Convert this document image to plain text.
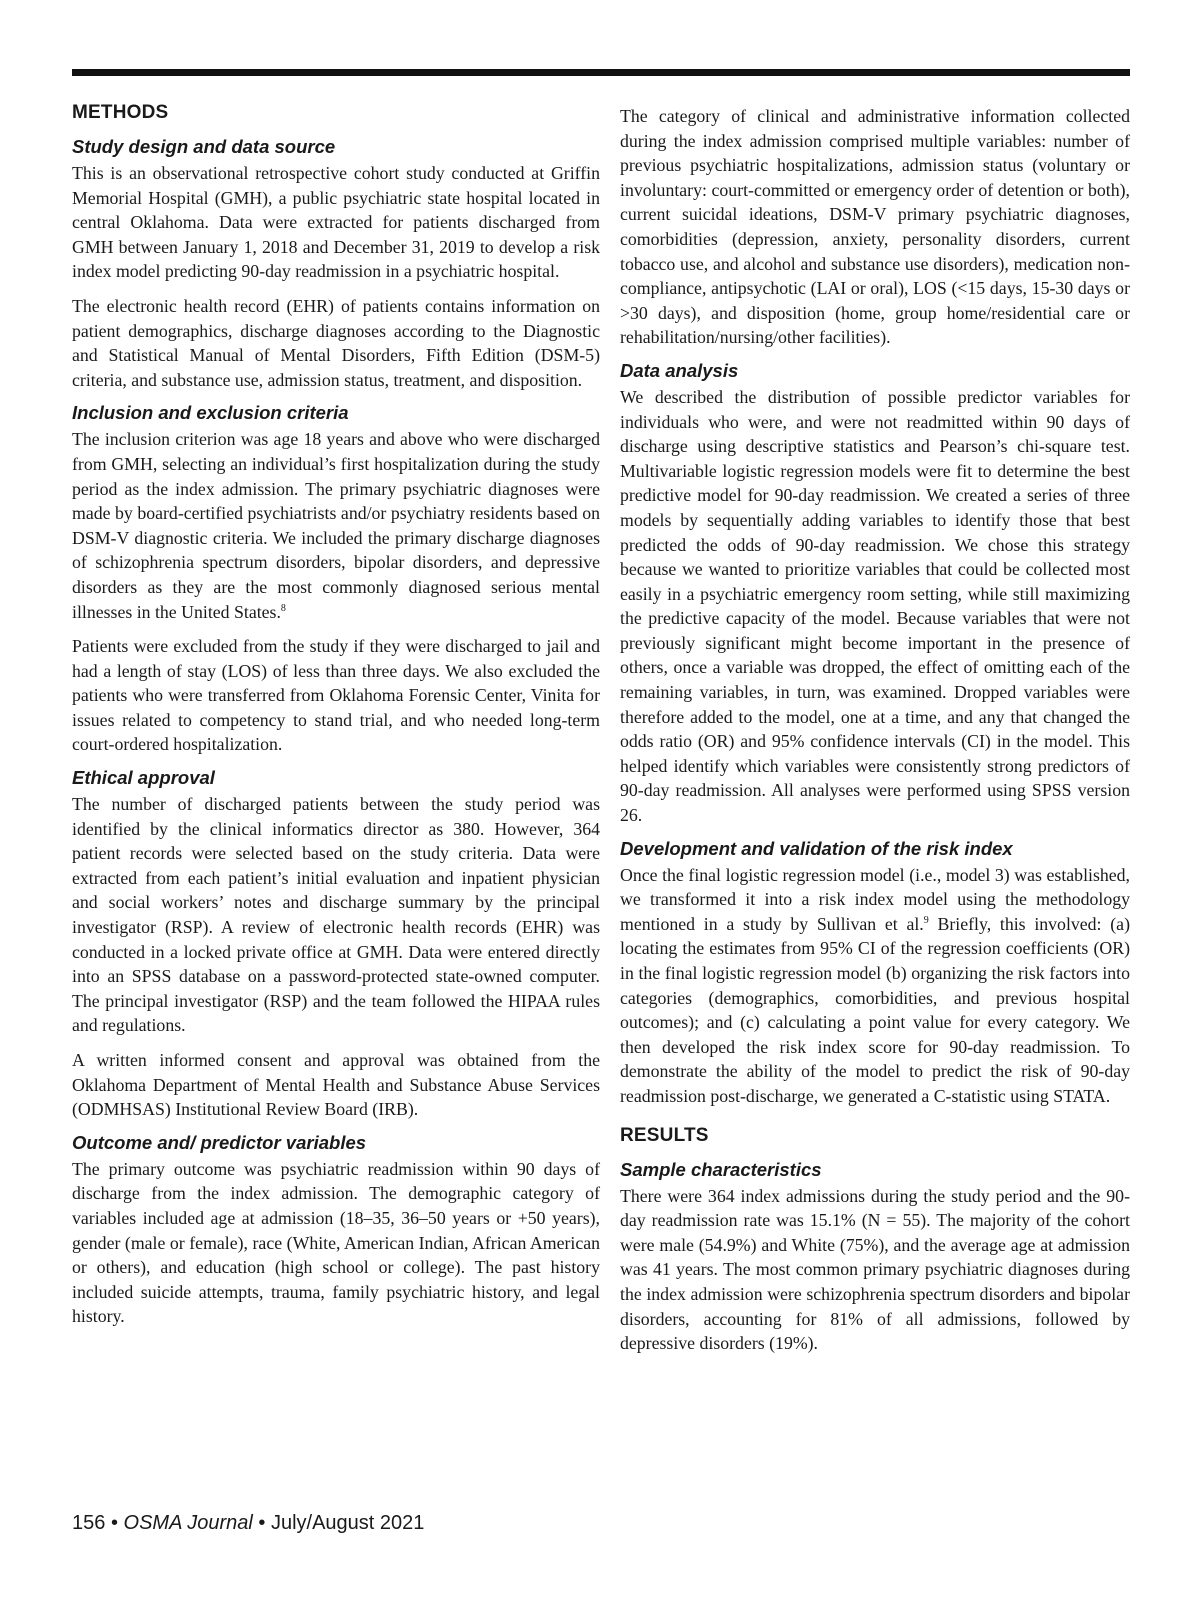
METHODS
Study design and data source

This is an observational retrospective cohort study conducted at Griffin Memorial Hospital (GMH), a public psychiatric state hospital located in central Oklahoma. Data were extracted for patients discharged from GMH between January 1, 2018 and December 31, 2019 to develop a risk index model predicting 90-day readmission in a psychiatric hospital.

The electronic health record (EHR) of patients contains information on patient demographics, discharge diagnoses according to the Diagnostic and Statistical Manual of Mental Disorders, Fifth Edition (DSM-5) criteria, and substance use, admission status, treatment, and disposition.

Inclusion and exclusion criteria

The inclusion criterion was age 18 years and above who were discharged from GMH, selecting an individual’s first hospitalization during the study period as the index admission. The primary psychiatric diagnoses were made by board-certified psychiatrists and/or psychiatry residents based on DSM-V diagnostic criteria. We included the primary discharge diagnoses of schizophrenia spectrum disorders, bipolar disorders, and depressive disorders as they are the most commonly diagnosed serious mental illnesses in the United States.$^8$

Patients were excluded from the study if they were discharged to jail and had a length of stay (LOS) of less than three days. We also excluded the patients who were transferred from Oklahoma Forensic Center, Vinita for issues related to competency to stand trial, and who needed long-term court-ordered hospitalization.

Ethical approval

The number of discharged patients between the study period was identified by the clinical informatics director as 380. However, 364 patient records were selected based on the study criteria. Data were extracted from each patient’s initial evaluation and inpatient physician and social workers’ notes and discharge summary by the principal investigator (RSP). A review of electronic health records (EHR) was conducted in a locked private office at GMH. Data were entered directly into an SPSS database on a password-protected state-owned computer. The principal investigator (RSP) and the team followed the HIPAA rules and regulations.

A written informed consent and approval was obtained from the Oklahoma Department of Mental Health and Substance Abuse Services (ODMHSAS) Institutional Review Board (IRB).

Outcome and/ predictor variables

The primary outcome was psychiatric readmission within 90 days of discharge from the index admission. The demographic category of variables included age at admission (18–35, 36–50 years or +50 years), gender (male or female), race (White, American Indian, African American or others), and education (high school or college). The past history included suicide attempts, trauma, family psychiatric history, and legal history.

The category of clinical and administrative information collected during the index admission comprised multiple variables: number of previous psychiatric hospitalizations, admission status (voluntary or involuntary: court-committed or emergency order of detention or both), current suicidal ideations, DSM-V primary psychiatric diagnoses, comorbidities (depression, anxiety, personality disorders, current tobacco use, and alcohol and substance use disorders), medication non-compliance, antipsychotic (LAI or oral), LOS (<15 days, 15-30 days or >30 days), and disposition (home, group home/residential care or rehabilitation/nursing/other facilities).

Data analysis

We described the distribution of possible predictor variables for individuals who were, and were not readmitted within 90 days of discharge using descriptive statistics and Pearson’s chi-square test. Multivariable logistic regression models were fit to determine the best predictive model for 90-day readmission. We created a series of three models by sequentially adding variables to identify those that best predicted the odds of 90-day readmission. We chose this strategy because we wanted to prioritize variables that could be collected most easily in a psychiatric emergency room setting, while still maximizing the predictive capacity of the model. Because variables that were not previously significant might become important in the presence of others, once a variable was dropped, the effect of omitting each of the remaining variables, in turn, was examined. Dropped variables were therefore added to the model, one at a time, and any that changed the odds ratio (OR) and 95% confidence intervals (CI) in the model. This helped identify which variables were consistently strong predictors of 90-day readmission. All analyses were performed using SPSS version 26.

Development and validation of the risk index

Once the final logistic regression model (i.e., model 3) was established, we transformed it into a risk index model using the methodology mentioned in a study by Sullivan et al.$^9$ Briefly, this involved: (a) locating the estimates from 95% CI of the regression coefficients (OR) in the final logistic regression model (b) organizing the risk factors into categories (demographics, comorbidities, and previous hospital outcomes); and (c) calculating a point value for every category. We then developed the risk index score for 90-day readmission. To demonstrate the ability of the model to predict the risk of 90-day readmission post-discharge, we generated a C-statistic using STATA.

RESULTS
Sample characteristics

There were 364 index admissions during the study period and the 90-day readmission rate was 15.1% (N = 55). The majority of the cohort were male (54.9%) and White (75%), and the average age at admission was 41 years. The most common primary psychiatric diagnoses during the index admission were schizophrenia spectrum disorders and bipolar disorders, accounting for 81% of all admissions, followed by depressive disorders (19%).

156 • OSMA Journal • July/August 2021
